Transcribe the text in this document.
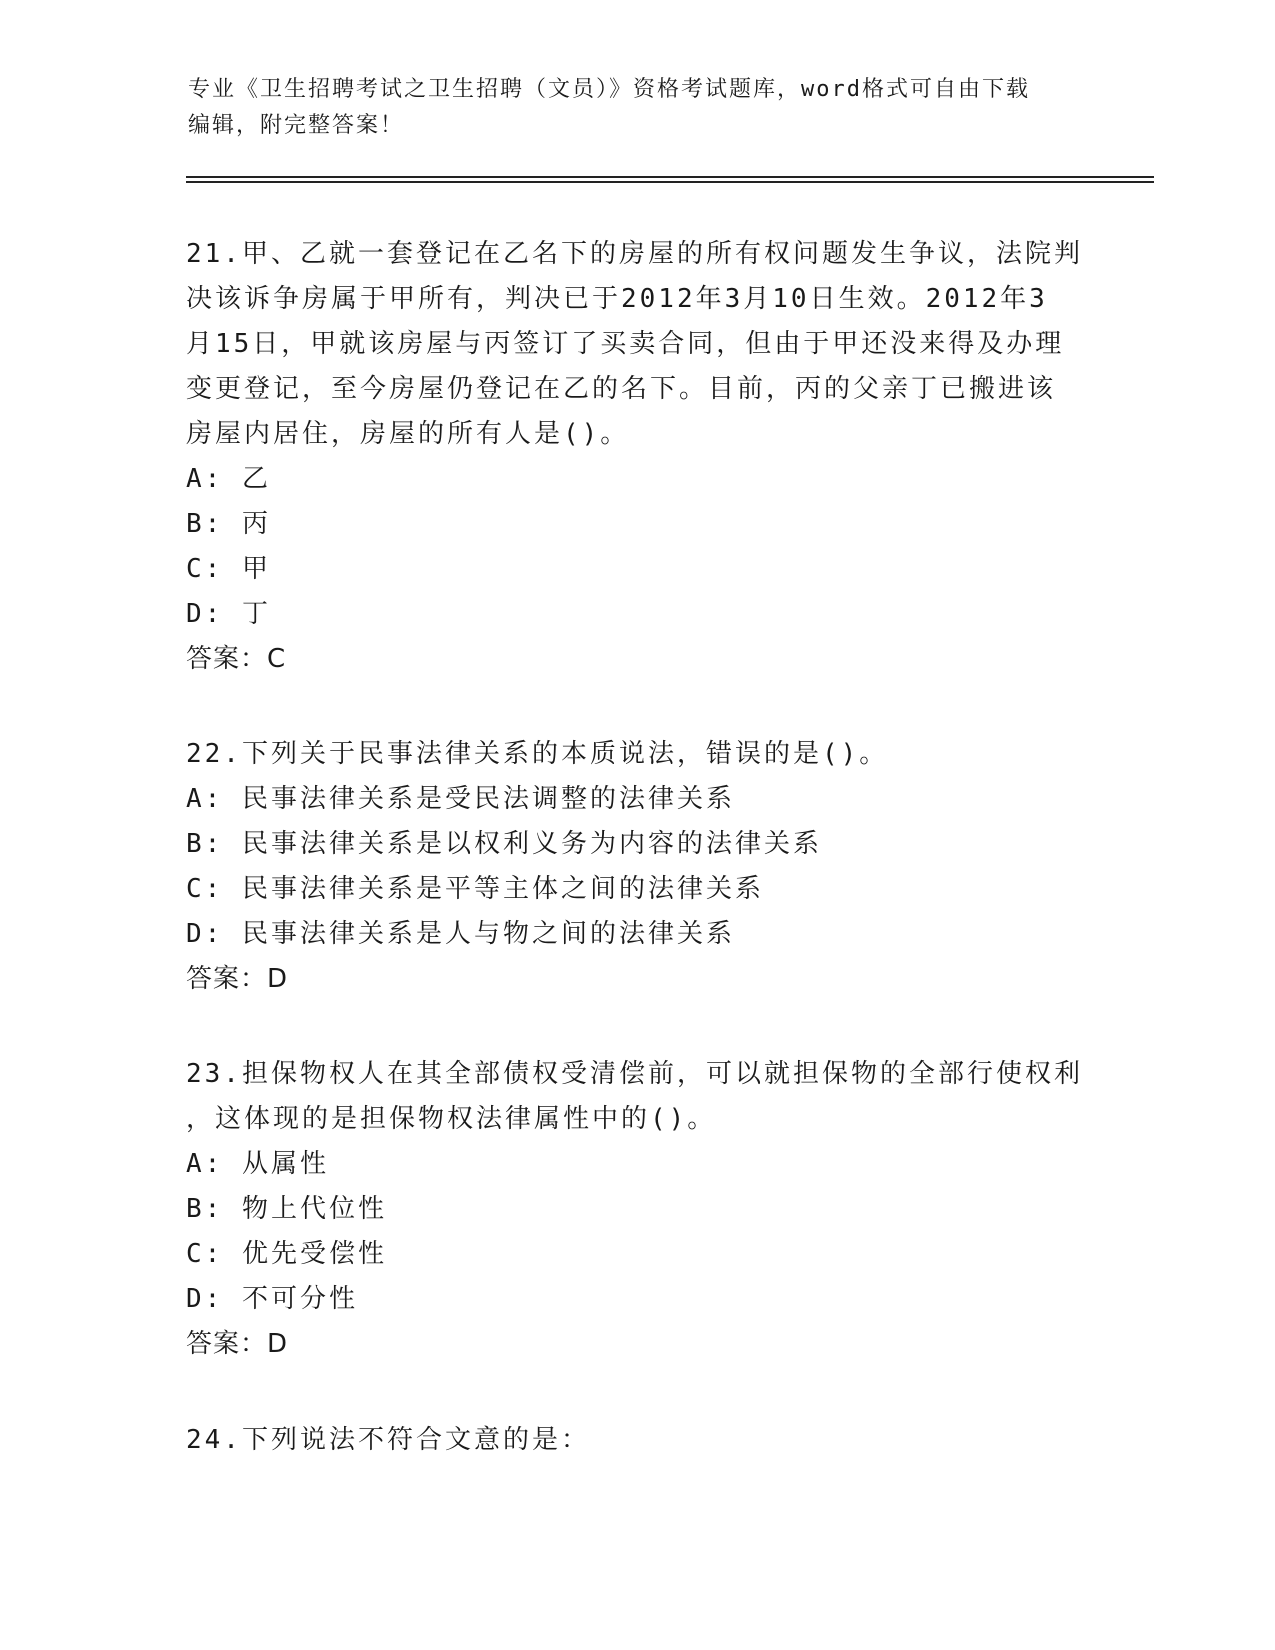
专业《卫生招聘考试之卫生招聘（文员）》资格考试题库，word格式可自由下载
编辑，附完整答案！

21.甲、乙就一套登记在乙名下的房屋的所有权问题发生争议，法院判

决该诉争房属于甲所有，判决已于2012年3月10日生效。2012年3

月15日，甲就该房屋与丙签订了买卖合同，但由于甲还没来得及办理

变更登记，至今房屋仍登记在乙的名下。目前，丙的父亲丁已搬进该

房屋内居住，房屋的所有人是()。

A: 乙

B: 丙

C: 甲

D: 丁

答案：C

22.下列关于民事法律关系的本质说法，错误的是()。

A: 民事法律关系是受民法调整的法律关系

B: 民事法律关系是以权利义务为内容的法律关系

C: 民事法律关系是平等主体之间的法律关系

D: 民事法律关系是人与物之间的法律关系

答案：D

23.担保物权人在其全部债权受清偿前，可以就担保物的全部行使权利

，这体现的是担保物权法律属性中的()。

A: 从属性

B: 物上代位性

C: 优先受偿性

D: 不可分性

答案：D

24.下列说法不符合文意的是：
